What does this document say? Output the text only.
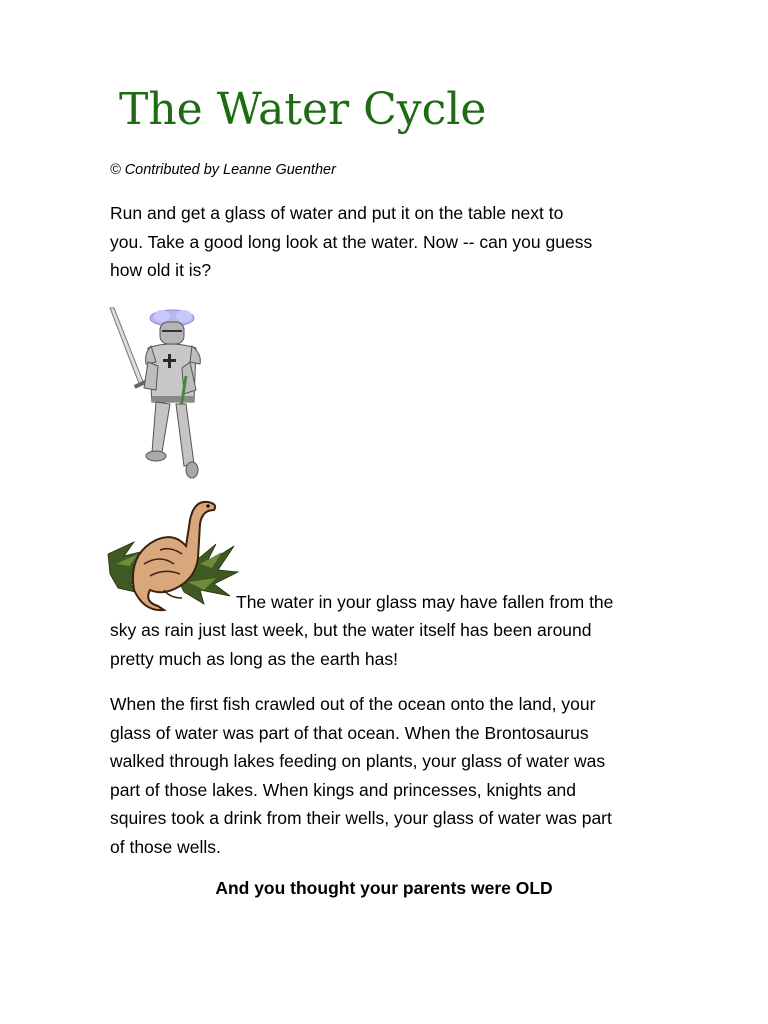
The Water Cycle
© Contributed by Leanne Guenther
Run and get a glass of water and put it on the table next to
you. Take a good long look at the water. Now -- can you guess
how old it is?
The water in your glass may have fallen from the
sky as rain just last week, but the water itself has been around
pretty much as long as the earth has!
When the first fish crawled out of the ocean onto the land, your
glass of water was part of that ocean. When the Brontosaurus
walked through lakes feeding on plants, your glass of water was
part of those lakes. When kings and princesses, knights and
squires took a drink from their wells, your glass of water was part
of those wells.
And you thought your parents were OLD
